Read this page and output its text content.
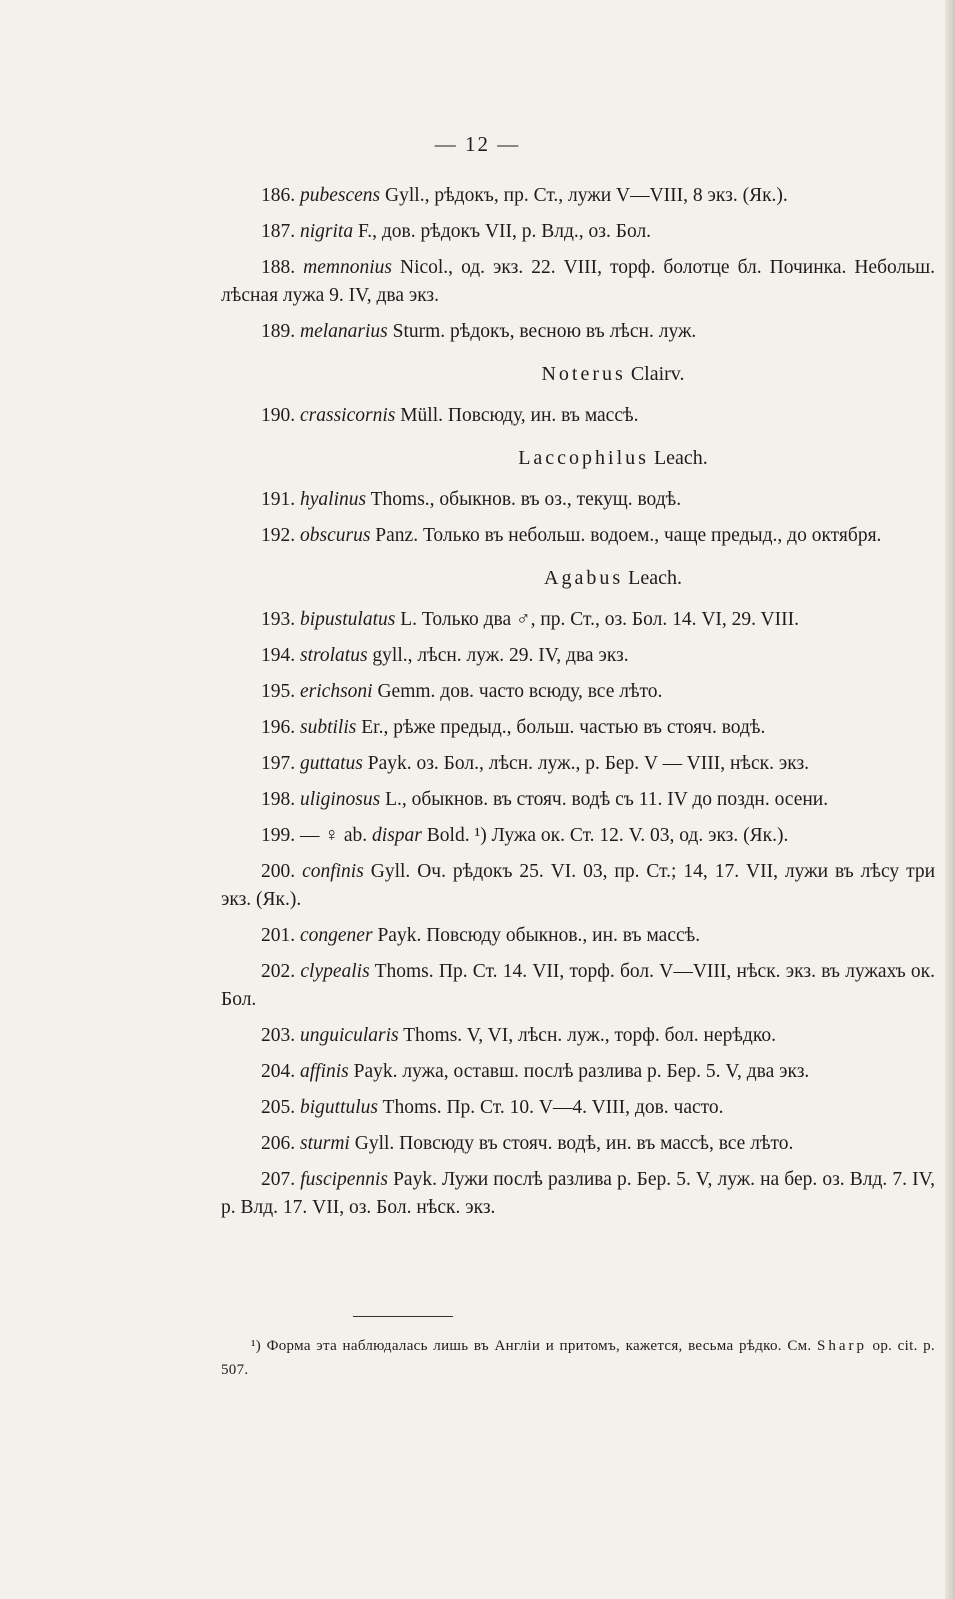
— 12 —
186. pubescens Gyll., рѣдокъ, пр. Ст., лужи V—VIII, 8 экз. (Як.).
187. nigrita F., дов. рѣдокъ VII, р. Влд., оз. Бол.
188. memnonius Nicol., од. экз. 22. VIII, торф. болотце бл. Починка. Небольш. лѣсная лужа 9. IV, два экз.
189. melanarius Sturm. рѣдокъ, весною въ лѣсн. луж.
Noterus Clairv.
190. crassicornis Müll. Повсюду, ин. въ массѣ.
Laccophilus Leach.
191. hyalinus Thoms., обыкнов. въ оз., текущ. водѣ.
192. obscurus Panz. Только въ небольш. водоем., чаще предыд., до октября.
Agabus Leach.
193. bipustulatus L. Только два ♂, пр. Ст., оз. Бол. 14. VI, 29. VIII.
194. strolatus gyll., лѣсн. луж. 29. IV, два экз.
195. erichsoni Gemm. дов. часто всюду, все лѣто.
196. subtilis Er., рѣже предыд., больш. частью въ стояч. водѣ.
197. guttatus Payk. оз. Бол., лѣсн. луж., р. Бер. V — VIII, нѣск. экз.
198. uliginosus L., обыкнов. въ стояч. водѣ съ 11. IV до поздн. осени.
199. — ♀ ab. dispar Bold. ¹) Лужа ок. Ст. 12. V. 03, од. экз. (Як.).
200. confinis Gyll. Оч. рѣдокъ 25. VI. 03, пр. Ст.; 14, 17. VII, лужи въ лѣсу три экз. (Як.).
201. congener Payk. Повсюду обыкнов., ин. въ массѣ.
202. clypealis Thoms. Пр. Ст. 14. VII, торф. бол. V—VIII, нѣск. экз. въ лужахъ ок. Бол.
203. unguicularis Thoms. V, VI, лѣсн. луж., торф. бол. нерѣдко.
204. affinis Payk. лужа, оставш. послѣ разлива р. Бер. 5. V, два экз.
205. biguttulus Thoms. Пр. Ст. 10. V—4. VIII, дов. часто.
206. sturmi Gyll. Повсюду въ стояч. водѣ, ин. въ массѣ, все лѣто.
207. fuscipennis Payk. Лужи послѣ разлива р. Бер. 5. V, луж. на бер. оз. Влд. 7. IV, р. Влд. 17. VII, оз. Бол. нѣск. экз.
¹) Форма эта наблюдалась лишь въ Англіи и притомъ, кажется, весьма рѣдко. См. Sharp op. cit. p. 507.
